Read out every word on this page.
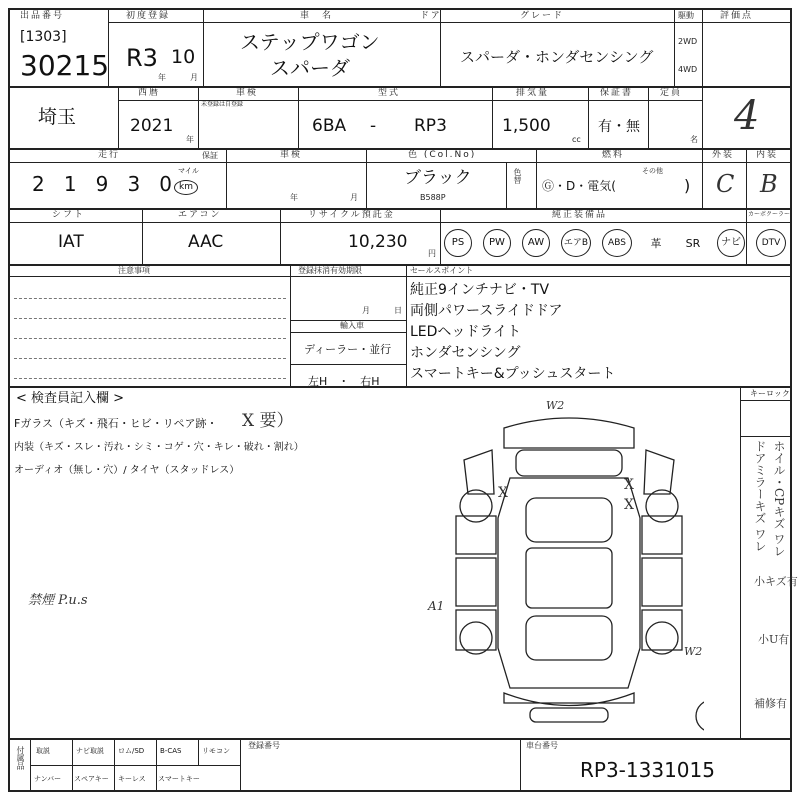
出品番号
[1303]
30215
初度登録
R3
年
10
月
車　名
ステップワゴン
スパーダ
ドア	グレード
スパーダ・ホンダセンシング
駆動
2WD
4WD
評価点
4
埼玉
西暦
2021
年
車検
未登録は自登録
型式
6BA - RP3
排気量
1,500
cc
保証書
有・無
定員
名
走行	保証
2 1 9 3 0
マイル
km
車検
年	月
色 (Col.No)
ブラック
B588P
色替
燃料
Ⓖ・D・電気(
その他
)
外装
C
内装
B
シフト
IAT
エアコン
AAC
リサイクル預託金
10,230
円
純正装備品	カーボクーラー
PS	PW	AW	エアB	ABS	革	SR	ナビ	DTV
注意事項	登録抹消有効期限
月	日
輸入車
ディーラー・並行
左H　・　右H
セールスポイント
純正9インチナビ・TV
両側パワースライドドア
LEDヘッドライト
ホンダセンシング
スマートキー&プッシュスタート
< 検査員記入欄 >
Fガラス（キズ・飛石・ヒビ・リペア跡・ X 要）
内装（キズ・スレ・汚れ・シミ・コゲ・穴・キレ・破れ・割れ）
オーディオ（無し・穴）/ タイヤ（スタッドレス）
禁煙 P.u.s
キーロック
ホイル・CPキズ ワレ
ドアミラーキズ ワレ
小キズ有
小U有
補修有
W2
A1
W2
X	X
X
付属品 取説	ナビ取説 ロム/SD B-CAS	リモコン
ナンバー スペアキー キーレス スマートキー
登録番号	車台番号
RP3-1331015
